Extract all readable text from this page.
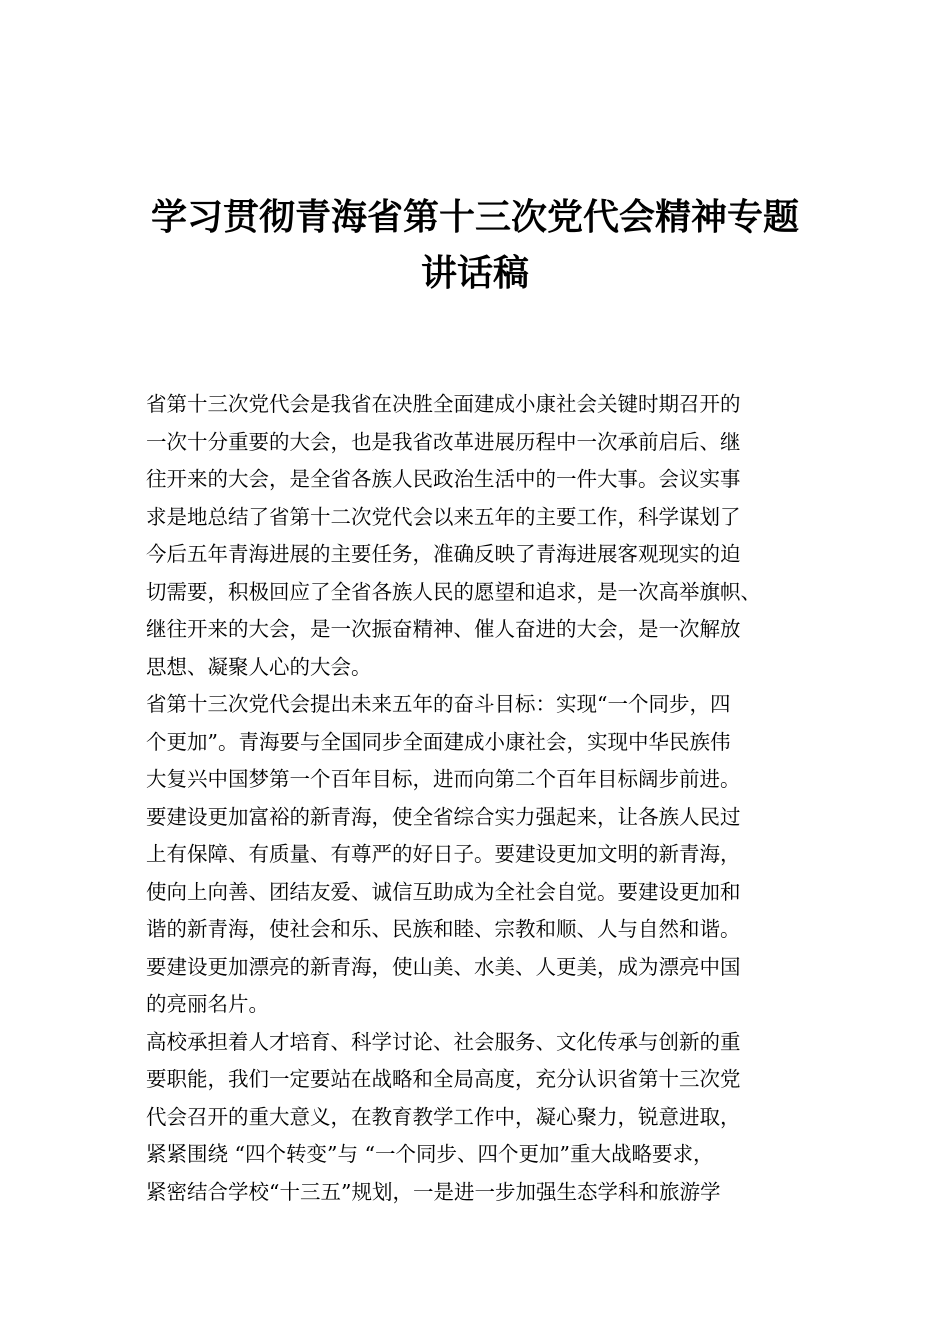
学习贯彻青海省第十三次党代会精神专题
讲话稿
省第十三次党代会是我省在决胜全面建成小康社会关键时期召开的
一次十分重要的大会，也是我省改革进展历程中一次承前启后、继
往开来的大会，是全省各族人民政治生活中的一件大事。会议实事
求是地总结了省第十二次党代会以来五年的主要工作，科学谋划了
今后五年青海进展的主要任务，准确反映了青海进展客观现实的迫
切需要，积极回应了全省各族人民的愿望和追求，是一次高举旗帜、
继往开来的大会，是一次振奋精神、催人奋进的大会，是一次解放
思想、凝聚人心的大会。
省第十三次党代会提出未来五年的奋斗目标：实现“一个同步，四
个更加”。青海要与全国同步全面建成小康社会，实现中华民族伟
大复兴中国梦第一个百年目标，进而向第二个百年目标阔步前进。
要建设更加富裕的新青海，使全省综合实力强起来，让各族人民过
上有保障、有质量、有尊严的好日子。要建设更加文明的新青海，
使向上向善、团结友爱、诚信互助成为全社会自觉。要建设更加和
谐的新青海，使社会和乐、民族和睦、宗教和顺、人与自然和谐。
要建设更加漂亮的新青海，使山美、水美、人更美，成为漂亮中国
的亮丽名片。
高校承担着人才培育、科学讨论、社会服务、文化传承与创新的重
要职能，我们一定要站在战略和全局高度，充分认识省第十三次党
代会召开的重大意义，在教育教学工作中，凝心聚力，锐意进取，
紧紧围绕 “四个转变”与 “一个同步、四个更加”重大战略要求，
紧密结合学校“十三五”规划，一是进一步加强生态学科和旅游学
